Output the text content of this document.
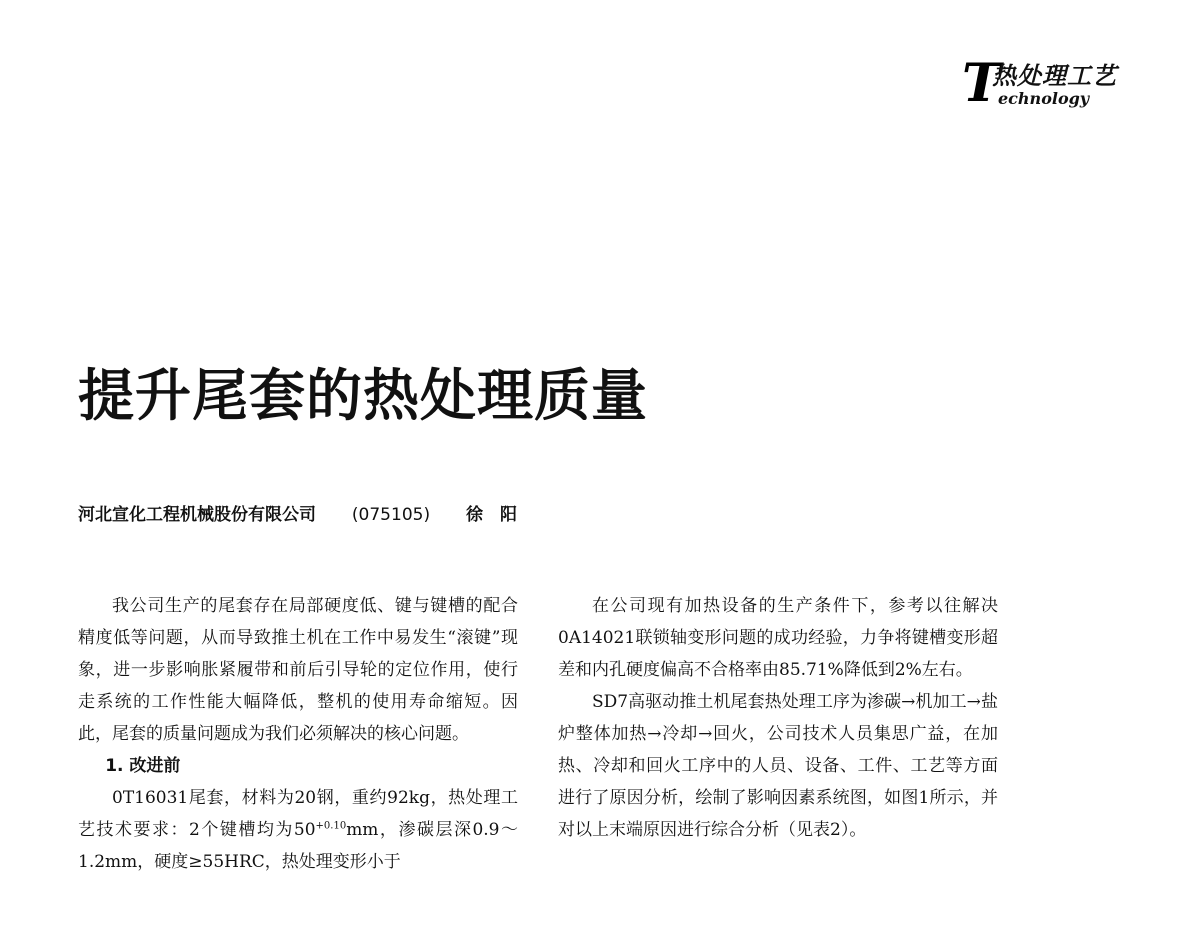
T
热处理工艺
echnology
提升尾套的热处理质量
河北宣化工程机械股份有限公司 (075105) 徐　阳

我公司生产的尾套存在局部硬度低、键与键槽的配合精度低等问题，从而导致推土机在工作中易发生“滚键”现象，进一步影响胀紧履带和前后引导轮的定位作用，使行走系统的工作性能大幅降低，整机的使用寿命缩短。因此，尾套的质量问题成为我们必须解决的核心问题。

1. 改进前

0T16031尾套，材料为20钢，重约92kg，热处理工艺技术要求：2个键槽均为$50^{+0.10}mm$，渗碳层深0.9～1.2mm，硬度≥55HRC，热处理变形小于

在公司现有加热设备的生产条件下，参考以往解决0A14021联锁轴变形问题的成功经验，力争将键槽变形超差和内孔硬度偏高不合格率由85.71%降低到2%左右。

SD7高驱动推土机尾套热处理工序为渗碳→机加工→盐炉整体加热→冷却→回火，公司技术人员集思广益，在加热、冷却和回火工序中的人员、设备、工件、工艺等方面进行了原因分析，绘制了影响因素系统图，如图1所示，并对以上末端原因进行综合分析（见表2）。
